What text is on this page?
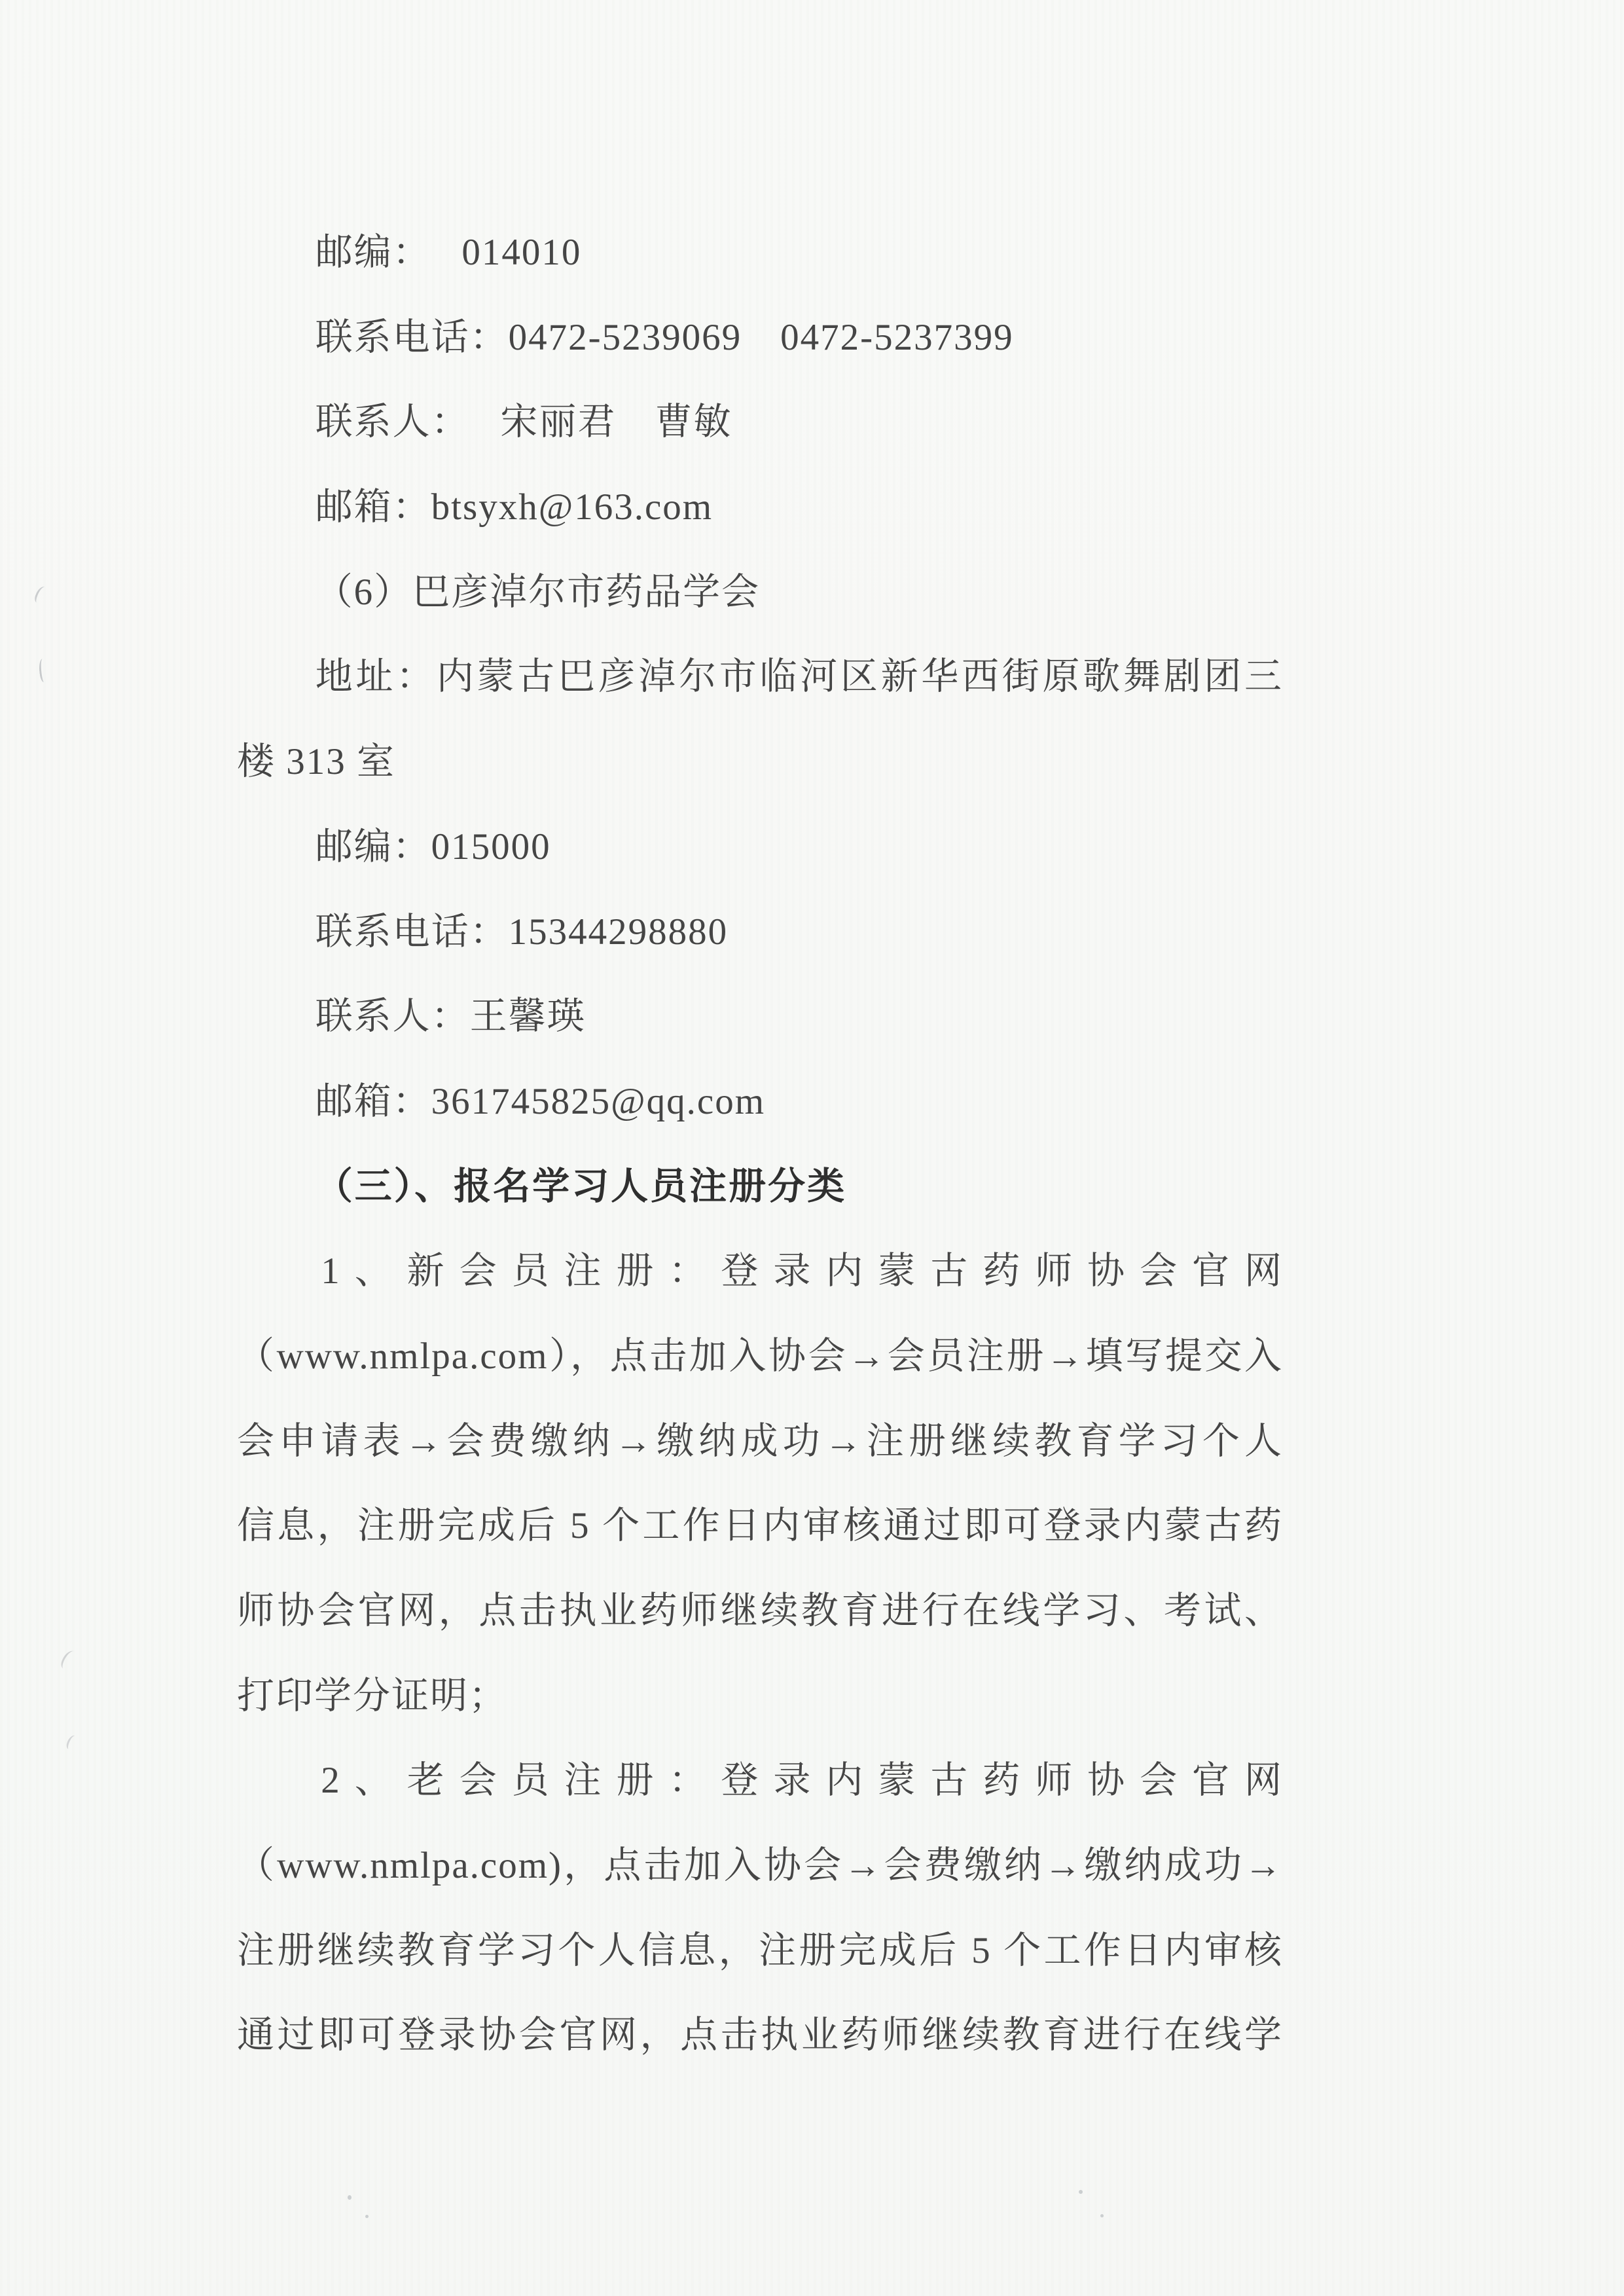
邮编：　 014010
联系电话：0472-5239069　0472-5237399
联系人：　 宋丽君　曹敏
邮箱：btsyxh@163.com
（6）巴彦淖尔市药品学会
地址：内蒙古巴彦淖尔市临河区新华西街原歌舞剧团三
楼 313 室
邮编：015000
联系电话：15344298880
联系人：王馨瑛
邮箱：361745825@qq.com
（三）、报名学习人员注册分类
1、新会员注册：登录内蒙古药师协会官网
（www.nmlpa.com），点击加入协会→会员注册→填写提交入
会申请表→会费缴纳→缴纳成功→注册继续教育学习个人
信息，注册完成后 5 个工作日内审核通过即可登录内蒙古药
师协会官网，点击执业药师继续教育进行在线学习、考试、
打印学分证明；
2、老会员注册：登录内蒙古药师协会官网
（www.nmlpa.com)，点击加入协会→会费缴纳→缴纳成功→
注册继续教育学习个人信息，注册完成后 5 个工作日内审核
通过即可登录协会官网，点击执业药师继续教育进行在线学
